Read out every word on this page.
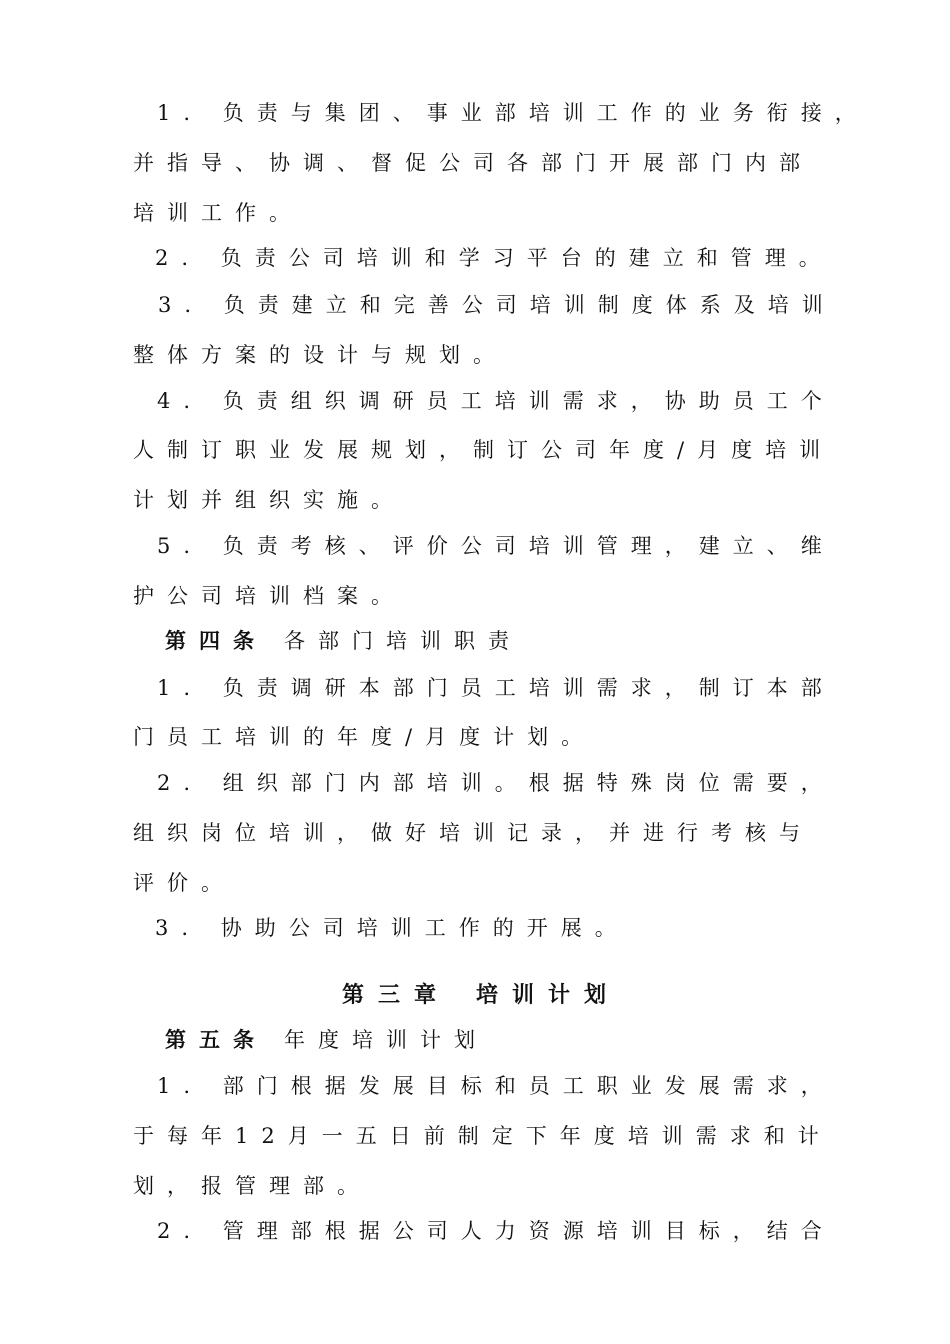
1. 负责与集团、事业部培训工作的业务衔接，
并指导、协调、督促公司各部门开展部门内部
培训工作。
2. 负责公司培训和学习平台的建立和管理。
3. 负责建立和完善公司培训制度体系及培训
整体方案的设计与规划。
4. 负责组织调研员工培训需求，协助员工个
人制订职业发展规划，制订公司年度/月度培训
计划并组织实施。
5. 负责考核、评价公司培训管理，建立、维
护公司培训档案。
第四条 各部门培训职责
1. 负责调研本部门员工培训需求，制订本部
门员工培训的年度/月度计划。
2. 组织部门内部培训。根据特殊岗位需要，
组织岗位培训，做好培训记录，并进行考核与
评价。
3. 协助公司培训工作的开展。
第三章 培训计划
第五条 年度培训计划
1. 部门根据发展目标和员工职业发展需求，
于每年12月一五日前制定下年度培训需求和计
划，报管理部。
2. 管理部根据公司人力资源培训目标，结合
